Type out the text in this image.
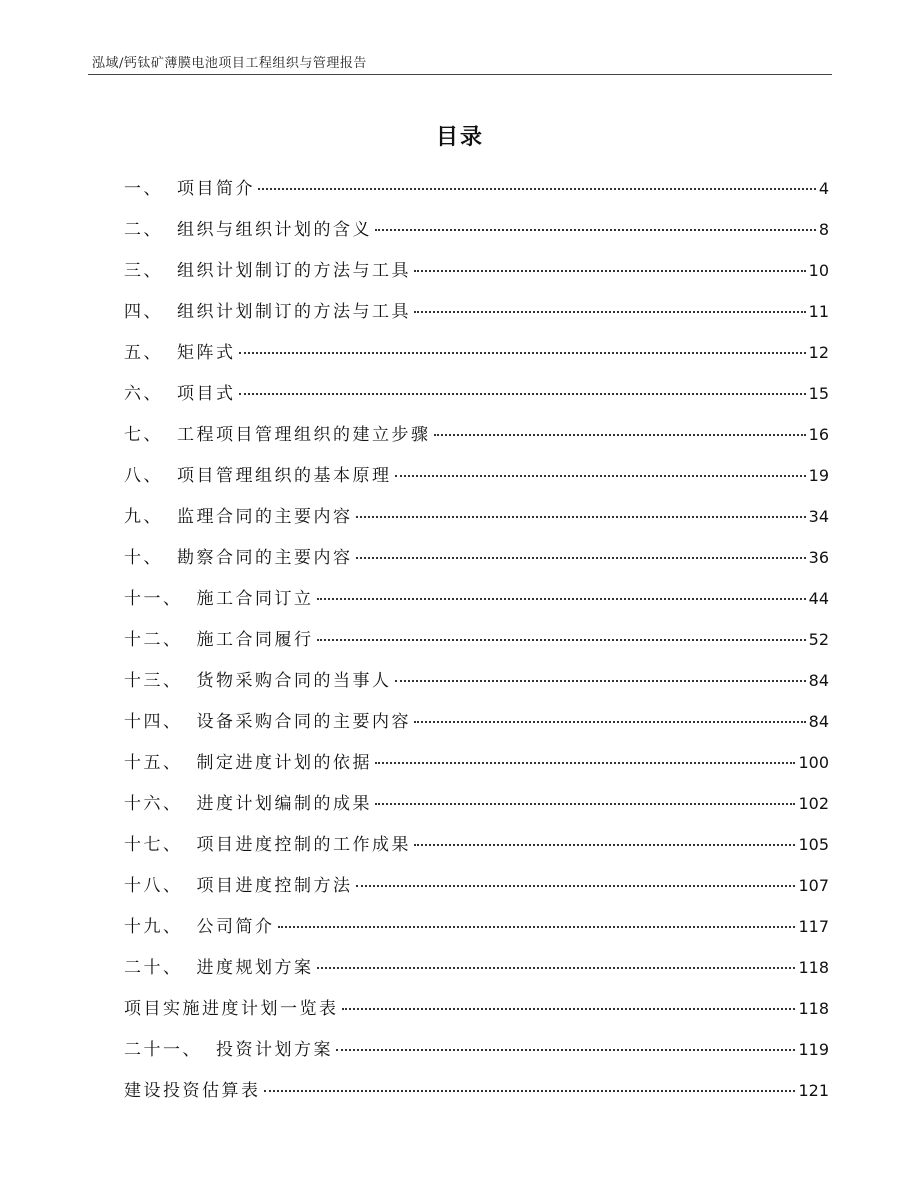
泓域/钙钛矿薄膜电池项目工程组织与管理报告
目录
一、 项目简介	4
二、 组织与组织计划的含义	8
三、 组织计划制订的方法与工具	10
四、 组织计划制订的方法与工具	11
五、 矩阵式	12
六、 项目式	15
七、 工程项目管理组织的建立步骤	16
八、 项目管理组织的基本原理	19
九、 监理合同的主要内容	34
十、 勘察合同的主要内容	36
十一、 施工合同订立	44
十二、 施工合同履行	52
十三、 货物采购合同的当事人	84
十四、 设备采购合同的主要内容	84
十五、 制定进度计划的依据	100
十六、 进度计划编制的成果	102
十七、 项目进度控制的工作成果	105
十八、 项目进度控制方法	107
十九、 公司简介	117
二十、 进度规划方案	118
项目实施进度计划一览表	118
二十一、 投资计划方案	119
建设投资估算表	121
